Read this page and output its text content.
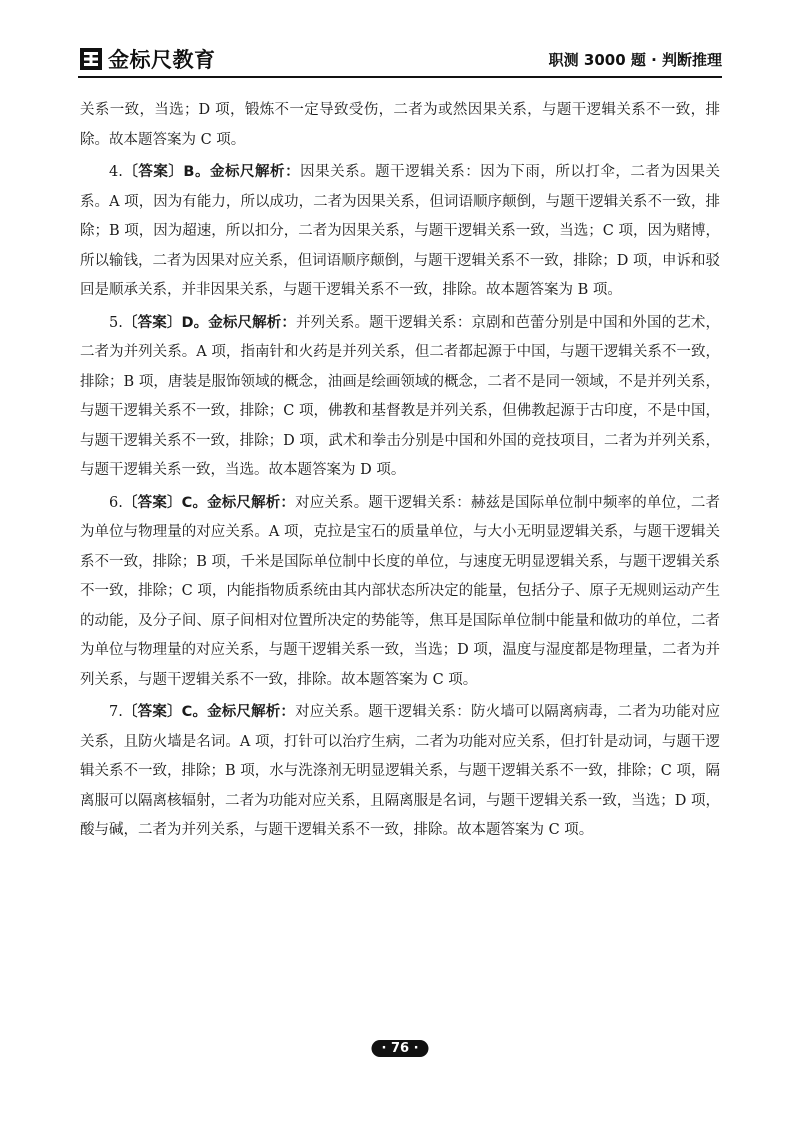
金标尺教育	职测 3000 题 · 判断推理

关系一致，当选；D 项，锻炼不一定导致受伤，二者为或然因果关系，与题干逻辑关系不一致，排除。故本题答案为 C 项。

4.〔答案〕B。金标尺解析：因果关系。题干逻辑关系：因为下雨，所以打伞，二者为因果关系。A 项，因为有能力，所以成功，二者为因果关系，但词语顺序颠倒，与题干逻辑关系不一致，排除；B 项，因为超速，所以扣分，二者为因果关系，与题干逻辑关系一致，当选；C 项，因为赌博，所以输钱，二者为因果对应关系，但词语顺序颠倒，与题干逻辑关系不一致，排除；D 项，申诉和驳回是顺承关系，并非因果关系，与题干逻辑关系不一致，排除。故本题答案为 B 项。

5.〔答案〕D。金标尺解析：并列关系。题干逻辑关系：京剧和芭蕾分别是中国和外国的艺术，二者为并列关系。A 项，指南针和火药是并列关系，但二者都起源于中国，与题干逻辑关系不一致，排除；B 项，唐装是服饰领域的概念，油画是绘画领域的概念，二者不是同一领域，不是并列关系，与题干逻辑关系不一致，排除；C 项，佛教和基督教是并列关系，但佛教起源于古印度，不是中国，与题干逻辑关系不一致，排除；D 项，武术和拳击分别是中国和外国的竞技项目，二者为并列关系，与题干逻辑关系一致，当选。故本题答案为 D 项。

6.〔答案〕C。金标尺解析：对应关系。题干逻辑关系：赫兹是国际单位制中频率的单位，二者为单位与物理量的对应关系。A 项，克拉是宝石的质量单位，与大小无明显逻辑关系，与题干逻辑关系不一致，排除；B 项，千米是国际单位制中长度的单位，与速度无明显逻辑关系，与题干逻辑关系不一致，排除；C 项，内能指物质系统由其内部状态所决定的能量，包括分子、原子无规则运动产生的动能，及分子间、原子间相对位置所决定的势能等，焦耳是国际单位制中能量和做功的单位，二者为单位与物理量的对应关系，与题干逻辑关系一致，当选；D 项，温度与湿度都是物理量，二者为并列关系，与题干逻辑关系不一致，排除。故本题答案为 C 项。

7.〔答案〕C。金标尺解析：对应关系。题干逻辑关系：防火墙可以隔离病毒，二者为功能对应关系，且防火墙是名词。A 项，打针可以治疗生病，二者为功能对应关系，但打针是动词，与题干逻辑关系不一致，排除；B 项，水与洗涤剂无明显逻辑关系，与题干逻辑关系不一致，排除；C 项，隔离服可以隔离核辐射，二者为功能对应关系，且隔离服是名词，与题干逻辑关系一致，当选；D 项，酸与碱，二者为并列关系，与题干逻辑关系不一致，排除。故本题答案为 C 项。

· 76 ·
